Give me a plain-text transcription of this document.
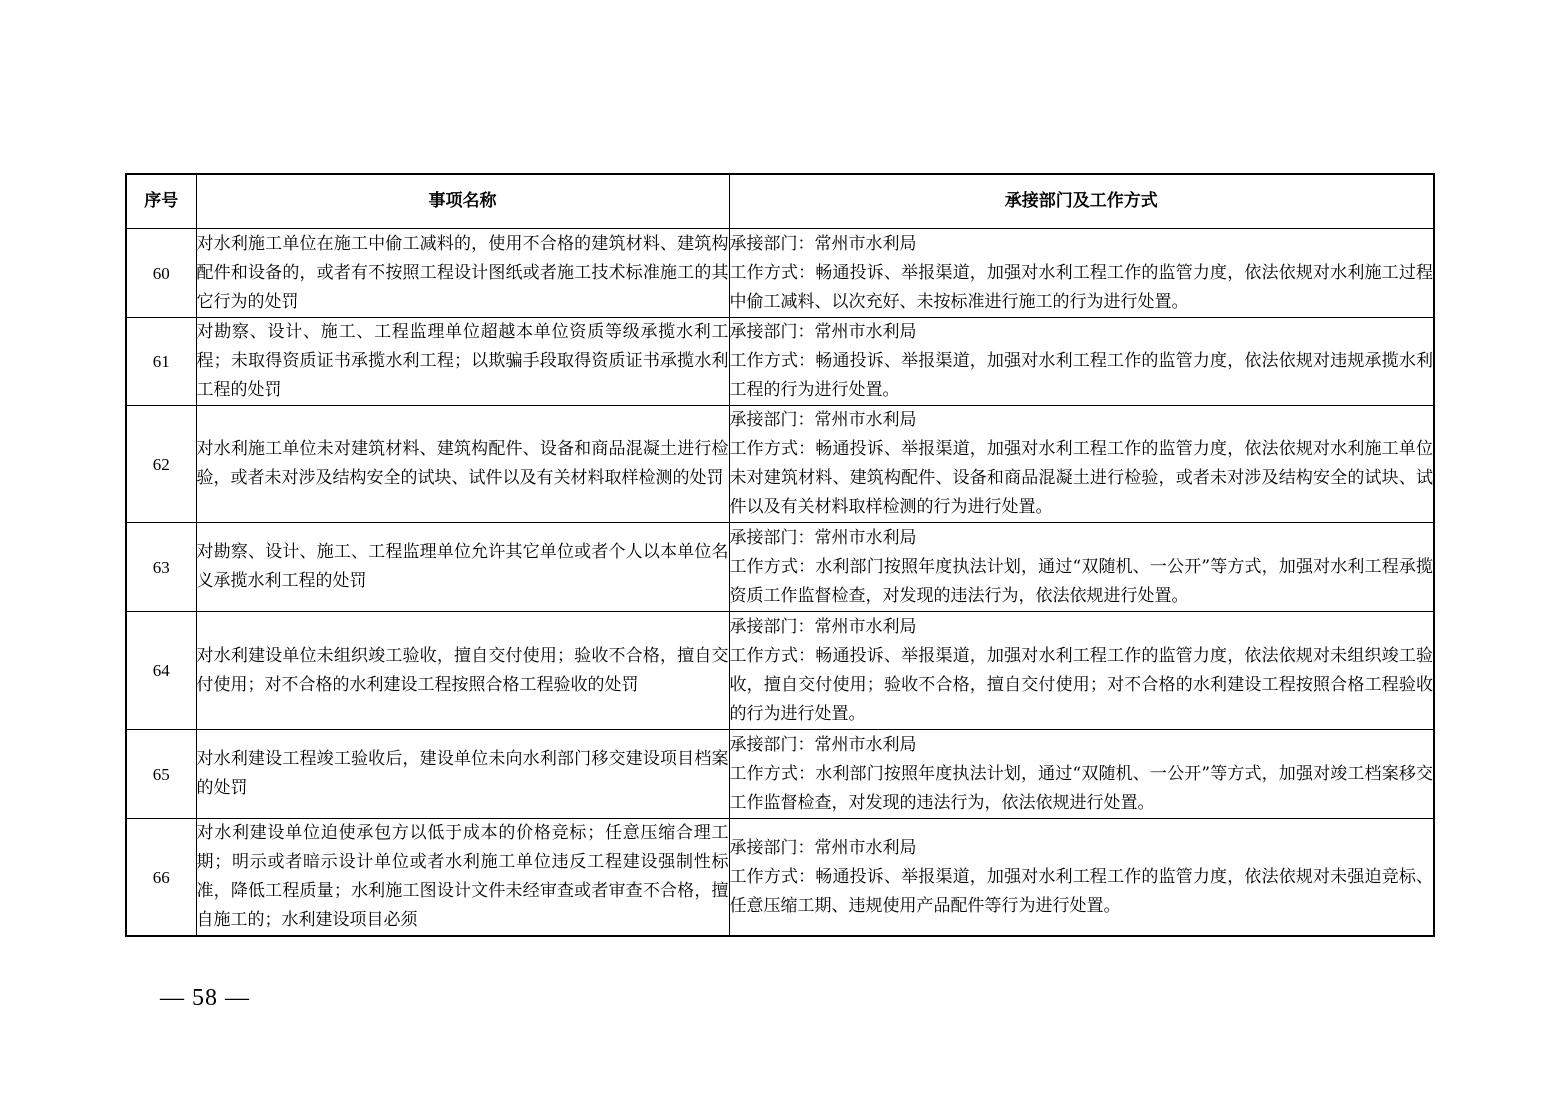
序号	事项名称	承接部门及工作方式
60	对水利施工单位在施工中偷工减料的，使用不合格的建筑材料、建筑构配件和设备的，或者有不按照工程设计图纸或者施工技术标准施工的其它行为的处罚	承接部门：常州市水利局
工作方式：畅通投诉、举报渠道，加强对水利工程工作的监管力度，依法依规对水利施工过程中偷工减料、以次充好、未按标准进行施工的行为进行处置。

61	对勘察、设计、施工、工程监理单位超越本单位资质等级承揽水利工程；未取得资质证书承揽水利工程；以欺骗手段取得资质证书承揽水利工程的处罚	承接部门：常州市水利局
工作方式：畅通投诉、举报渠道，加强对水利工程工作的监管力度，依法依规对违规承揽水利工程的行为进行处置。

62	对水利施工单位未对建筑材料、建筑构配件、设备和商品混凝土进行检验，或者未对涉及结构安全的试块、试件以及有关材料取样检测的处罚	承接部门：常州市水利局
工作方式：畅通投诉、举报渠道，加强对水利工程工作的监管力度，依法依规对水利施工单位未对建筑材料、建筑构配件、设备和商品混凝土进行检验，或者未对涉及结构安全的试块、试件以及有关材料取样检测的行为进行处置。

63	对勘察、设计、施工、工程监理单位允许其它单位或者个人以本单位名义承揽水利工程的处罚	承接部门：常州市水利局
工作方式：水利部门按照年度执法计划，通过“双随机、一公开”等方式，加强对水利工程承揽资质工作监督检查，对发现的违法行为，依法依规进行处置。

64	对水利建设单位未组织竣工验收，擅自交付使用；验收不合格，擅自交付使用；对不合格的水利建设工程按照合格工程验收的处罚	承接部门：常州市水利局
工作方式：畅通投诉、举报渠道，加强对水利工程工作的监管力度，依法依规对未组织竣工验收，擅自交付使用；验收不合格，擅自交付使用；对不合格的水利建设工程按照合格工程验收的行为进行处置。

65	对水利建设工程竣工验收后，建设单位未向水利部门移交建设项目档案的处罚	承接部门：常州市水利局
工作方式：水利部门按照年度执法计划，通过“双随机、一公开”等方式，加强对竣工档案移交工作监督检查，对发现的违法行为，依法依规进行处置。

66	对水利建设单位迫使承包方以低于成本的价格竞标；任意压缩合理工期；明示或者暗示设计单位或者水利施工单位违反工程建设强制性标准，降低工程质量；水利施工图设计文件未经审查或者审查不合格，擅自施工的；水利建设项目必须	承接部门：常州市水利局
工作方式：畅通投诉、举报渠道，加强对水利工程工作的监管力度，依法依规对未强迫竞标、任意压缩工期、违规使用产品配件等行为进行处置。
— 58 —
